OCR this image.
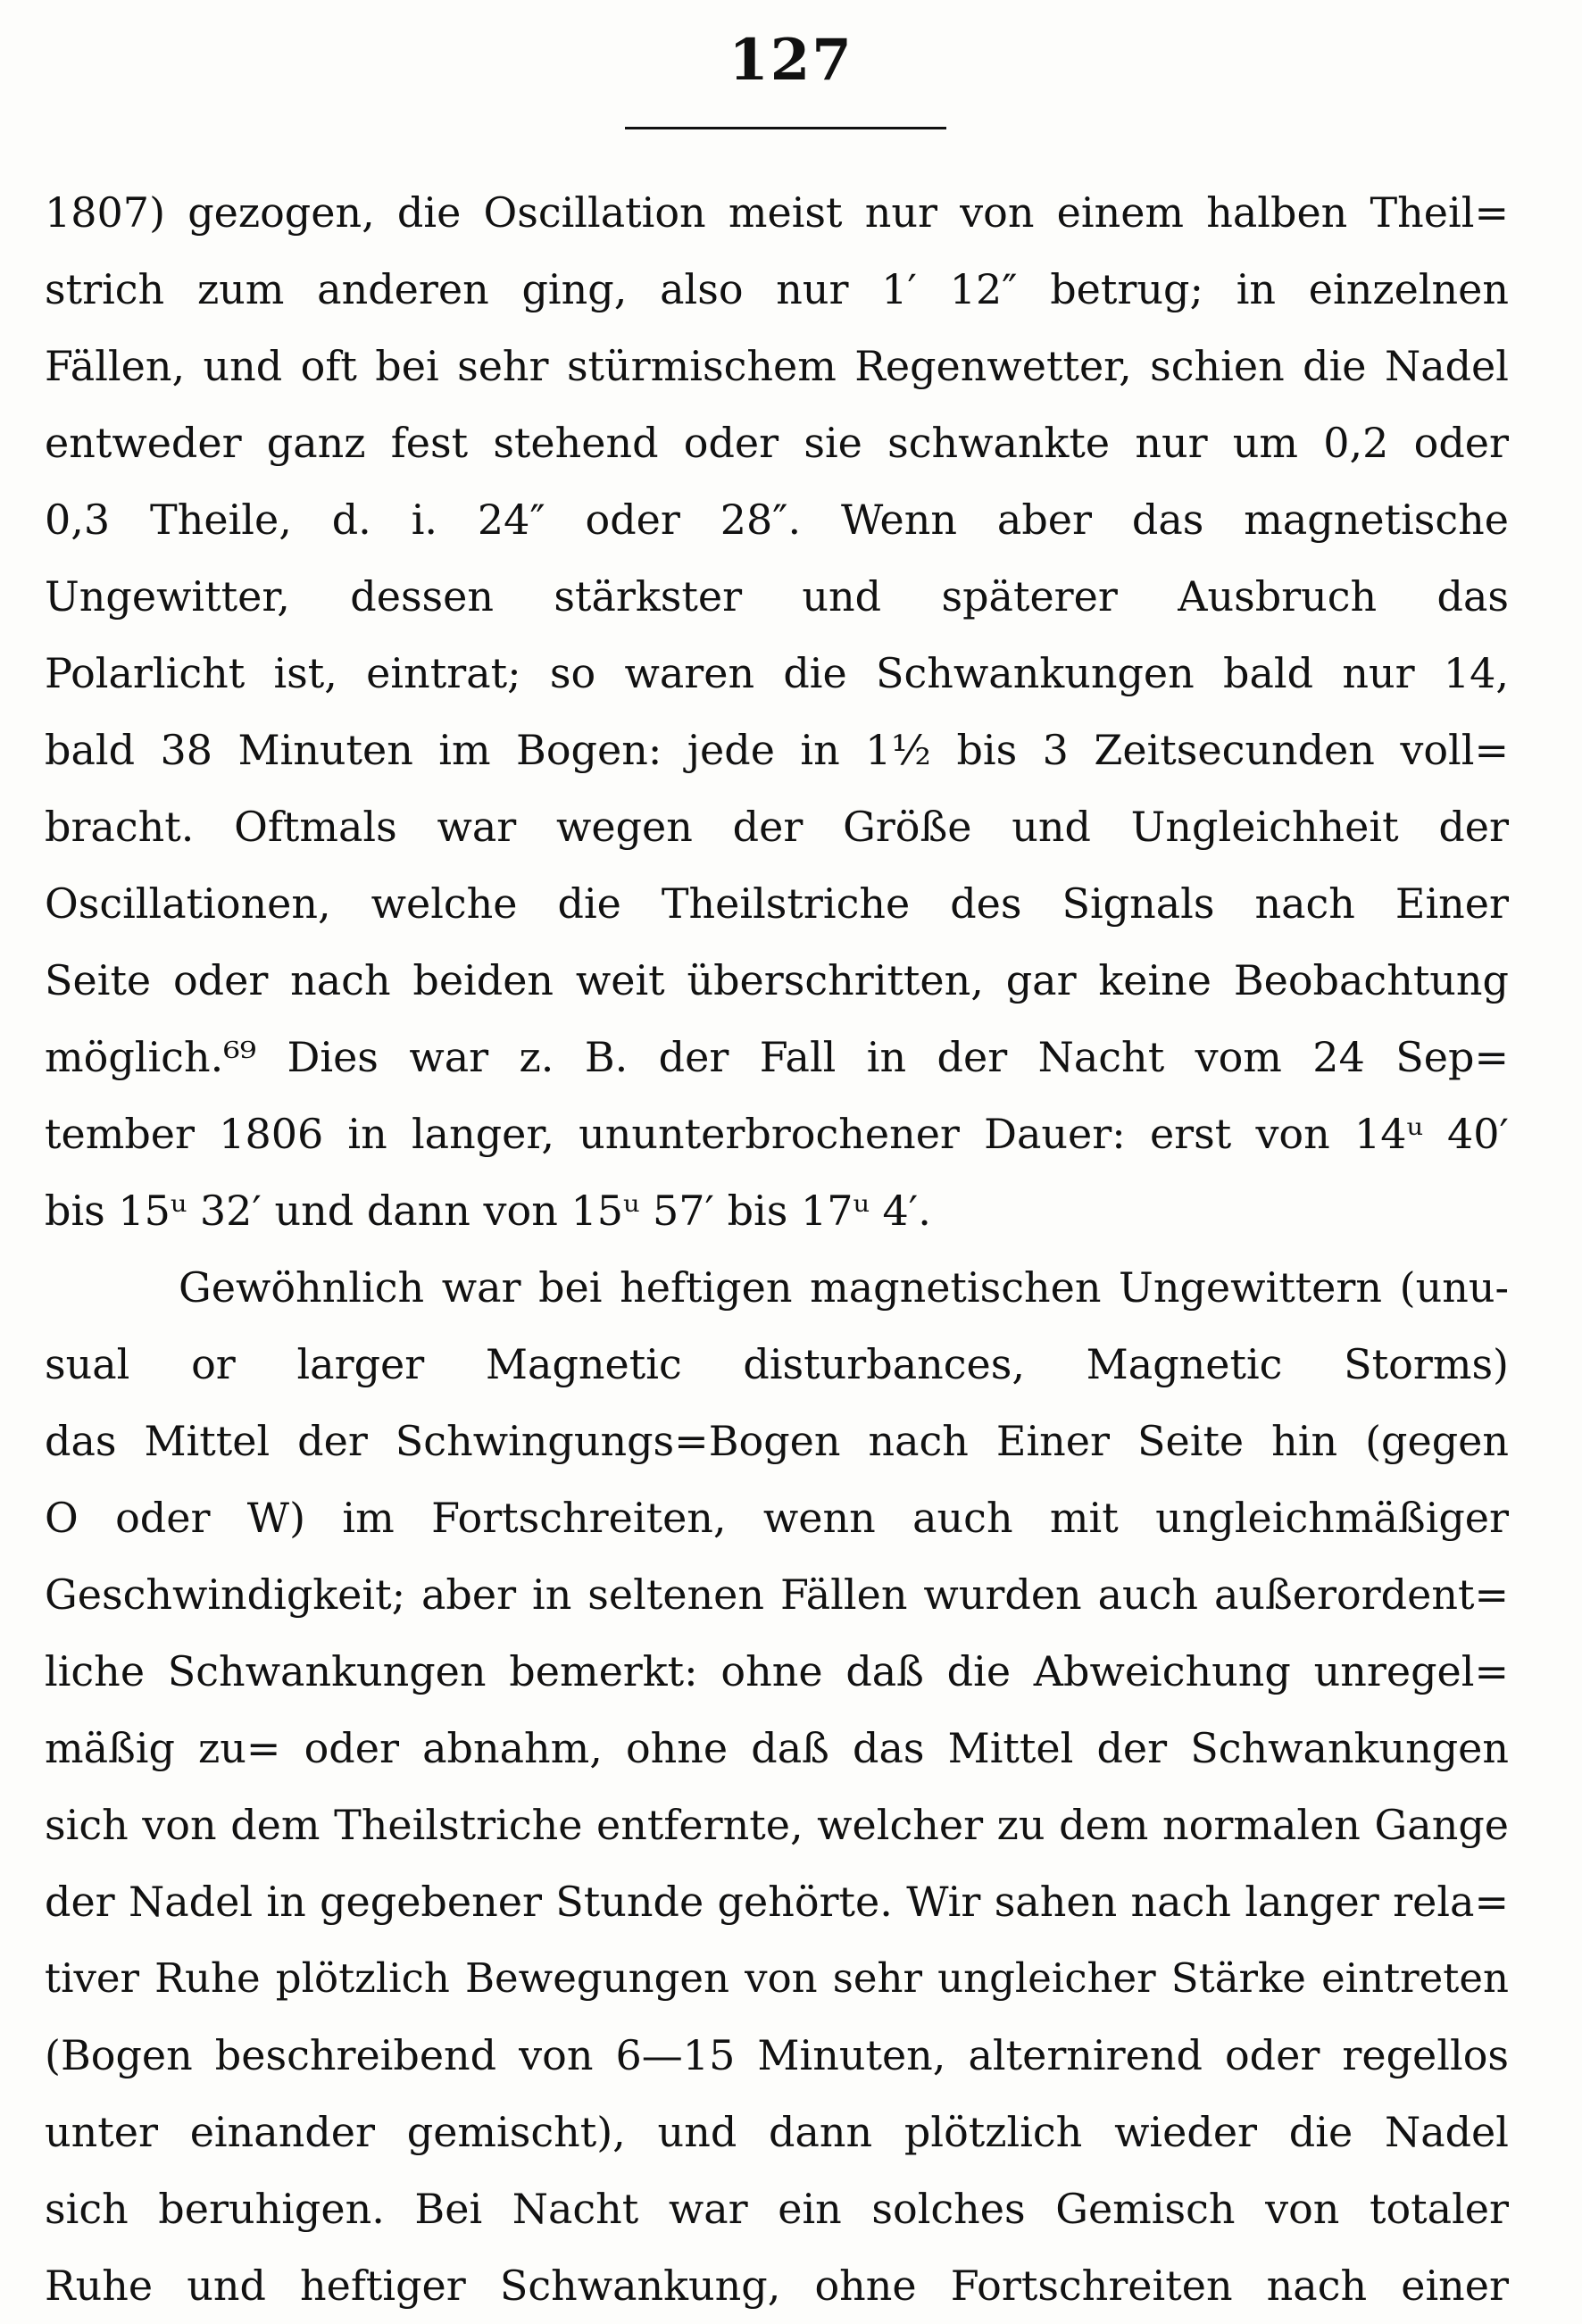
127
1807) gezogen, die Oscillation meist nur von einem halben Theil=
strich zum anderen ging, also nur 1′ 12″ betrug; in einzelnen
Fällen, und oft bei sehr stürmischem Regenwetter, schien die Nadel
entweder ganz fest stehend oder sie schwankte nur um 0,2 oder
0,3 Theile, d. i. 24″ oder 28″. Wenn aber das magnetische
Ungewitter, dessen stärkster und späterer Ausbruch das
Polarlicht ist, eintrat; so waren die Schwankungen bald nur 14,
bald 38 Minuten im Bogen: jede in 1½ bis 3 Zeitsecunden voll=
bracht. Oftmals war wegen der Größe und Ungleichheit der
Oscillationen, welche die Theilstriche des Signals nach Einer
Seite oder nach beiden weit überschritten, gar keine Beobachtung
möglich.⁶⁹ Dies war z. B. der Fall in der Nacht vom 24 Sep=
tember 1806 in langer, ununterbrochener Dauer: erst von 14ᵘ 40′
bis 15ᵘ 32′ und dann von 15ᵘ 57′ bis 17ᵘ 4′.
Gewöhnlich war bei heftigen magnetischen Ungewittern (unu-
sual or larger Magnetic disturbances, Magnetic Storms)
das Mittel der Schwingungs=Bogen nach Einer Seite hin (gegen
O oder W) im Fortschreiten, wenn auch mit ungleichmäßiger
Geschwindigkeit; aber in seltenen Fällen wurden auch außerordent=
liche Schwankungen bemerkt: ohne daß die Abweichung unregel=
mäßig zu= oder abnahm, ohne daß das Mittel der Schwankungen
sich von dem Theilstriche entfernte, welcher zu dem normalen Gange
der Nadel in gegebener Stunde gehörte. Wir sahen nach langer rela=
tiver Ruhe plötzlich Bewegungen von sehr ungleicher Stärke eintreten
(Bogen beschreibend von 6—15 Minuten, alternirend oder regellos
unter einander gemischt), und dann plötzlich wieder die Nadel
sich beruhigen. Bei Nacht war ein solches Gemisch von totaler
Ruhe und heftiger Schwankung, ohne Fortschreiten nach einer
